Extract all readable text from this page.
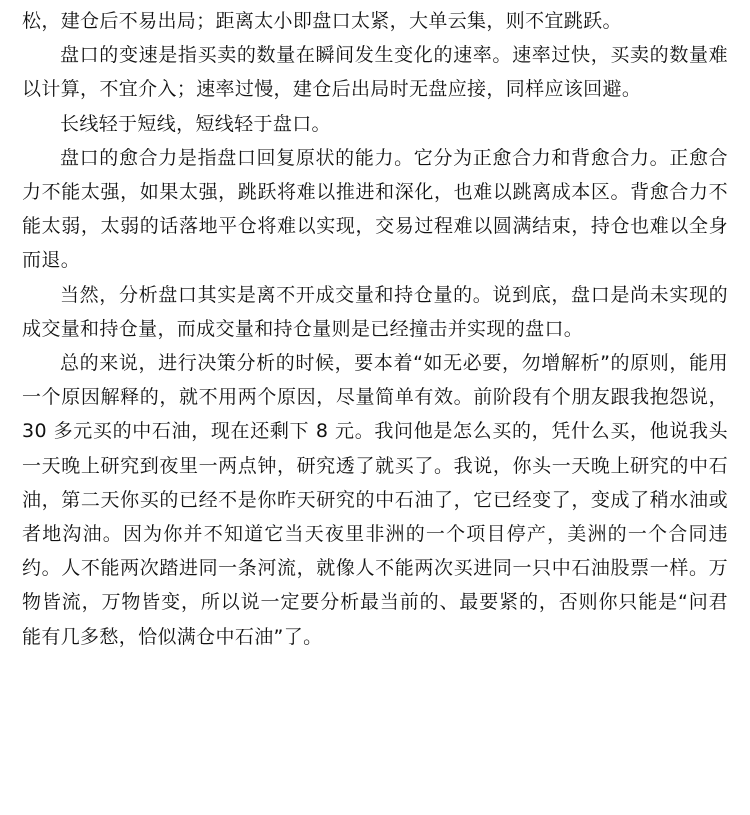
松，建仓后不易出局；距离太小即盘口太紧，大单云集，则不宜跳跃。

盘口的变速是指买卖的数量在瞬间发生变化的速率。速率过快，买卖的数量难以计算，不宜介入；速率过慢，建仓后出局时无盘应接，同样应该回避。

长线轻于短线，短线轻于盘口。

盘口的愈合力是指盘口回复原状的能力。它分为正愈合力和背愈合力。正愈合力不能太强，如果太强，跳跃将难以推进和深化，也难以跳离成本区。背愈合力不能太弱，太弱的话落地平仓将难以实现，交易过程难以圆满结束，持仓也难以全身而退。

当然，分析盘口其实是离不开成交量和持仓量的。说到底，盘口是尚未实现的成交量和持仓量，而成交量和持仓量则是已经撞击并实现的盘口。

总的来说，进行决策分析的时候，要本着“如无必要，勿增解析”的原则，能用一个原因解释的，就不用两个原因，尽量简单有效。前阶段有个朋友跟我抱怨说，30 多元买的中石油，现在还剩下 8 元。我问他是怎么买的，凭什么买，他说我头一天晚上研究到夜里一两点钟，研究透了就买了。我说，你头一天晚上研究的中石油，第二天你买的已经不是你昨天研究的中石油了，它已经变了，变成了稍水油或者地沟油。因为你并不知道它当天夜里非洲的一个项目停产，美洲的一个合同违约。人不能两次踏进同一条河流，就像人不能两次买进同一只中石油股票一样。万物皆流，万物皆变，所以说一定要分析最当前的、最要紧的，否则你只能是“问君能有几多愁，恰似满仓中石油”了。
